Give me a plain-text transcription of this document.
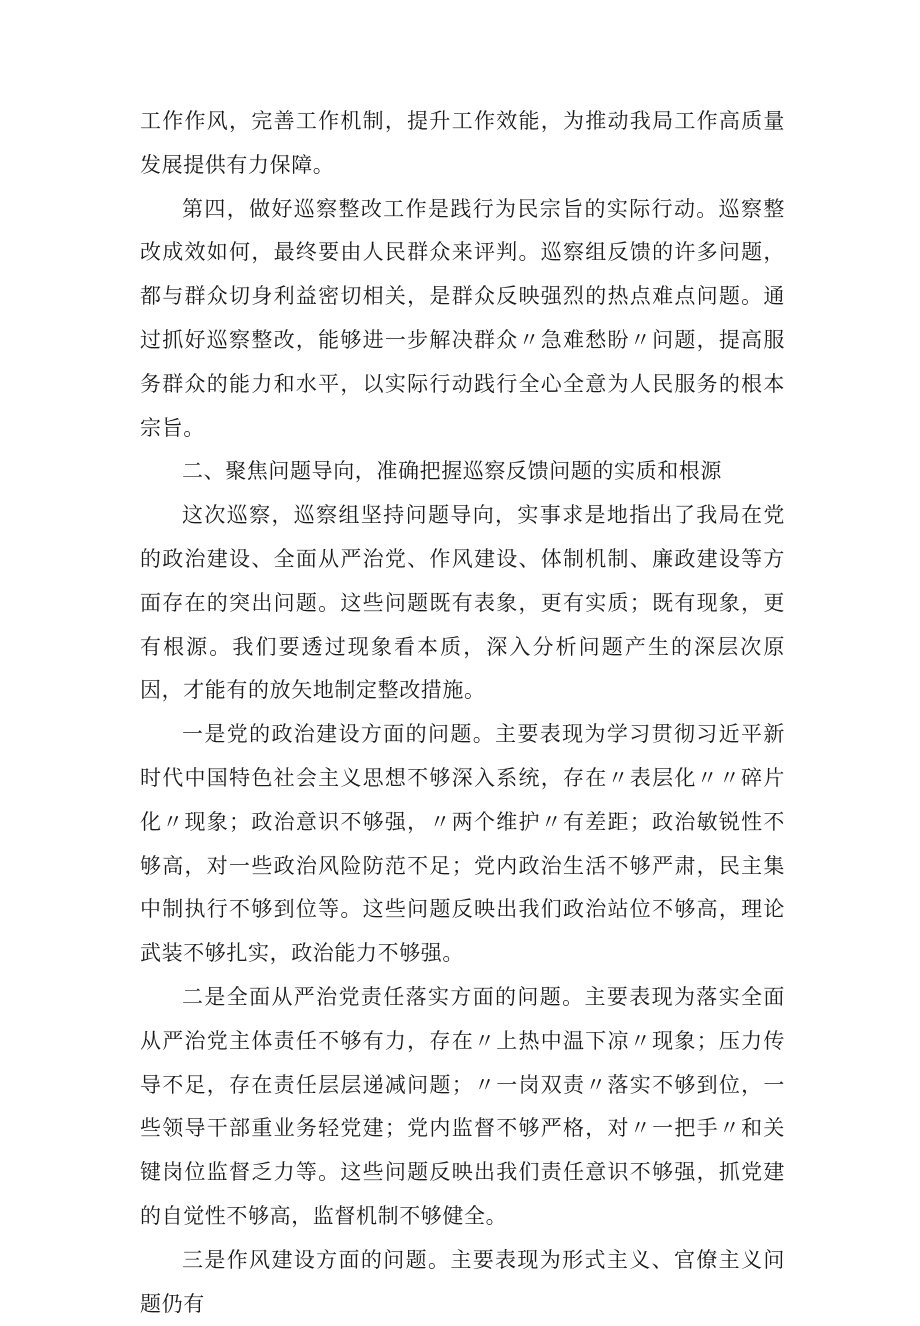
工作作风，完善工作机制，提升工作效能，为推动我局工作高质量发展提供有力保障。

第四，做好巡察整改工作是践行为民宗旨的实际行动。巡察整改成效如何，最终要由人民群众来评判。巡察组反馈的许多问题，都与群众切身利益密切相关，是群众反映强烈的热点难点问题。通过抓好巡察整改，能够进一步解决群众〃急难愁盼〃问题，提高服务群众的能力和水平，以实际行动践行全心全意为人民服务的根本宗旨。

二、聚焦问题导向，准确把握巡察反馈问题的实质和根源

这次巡察，巡察组坚持问题导向，实事求是地指出了我局在党的政治建设、全面从严治党、作风建设、体制机制、廉政建设等方面存在的突出问题。这些问题既有表象，更有实质；既有现象，更有根源。我们要透过现象看本质，深入分析问题产生的深层次原因，才能有的放矢地制定整改措施。

一是党的政治建设方面的问题。主要表现为学习贯彻习近平新时代中国特色社会主义思想不够深入系统，存在〃表层化〃〃碎片化〃现象；政治意识不够强，〃两个维护〃有差距；政治敏锐性不够高，对一些政治风险防范不足；党内政治生活不够严肃，民主集中制执行不够到位等。这些问题反映出我们政治站位不够高，理论武装不够扎实，政治能力不够强。

二是全面从严治党责任落实方面的问题。主要表现为落实全面从严治党主体责任不够有力，存在〃上热中温下凉〃现象；压力传导不足，存在责任层层递减问题；〃一岗双责〃落实不够到位，一些领导干部重业务轻党建；党内监督不够严格，对〃一把手〃和关键岗位监督乏力等。这些问题反映出我们责任意识不够强，抓党建的自觉性不够高，监督机制不够健全。

三是作风建设方面的问题。主要表现为形式主义、官僚主义问题仍有
